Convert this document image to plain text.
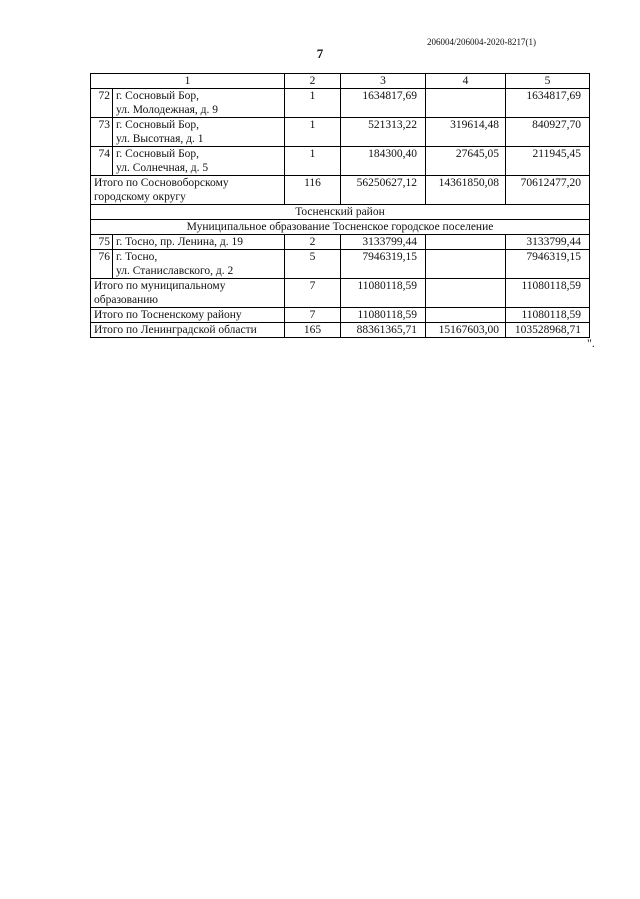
206004/206004-2020-8217(1)
7
1		2	3	4	5
72	г. Сосновый Бор,
ул. Молодежная, д. 9	1	1634817,69		1634817,69
73	г. Сосновый Бор,
ул. Высотная, д. 1	1	521313,22	319614,48	840927,70
74	г. Сосновый Бор,
ул. Солнечная, д. 5	1	184300,40	27645,05	211945,45

Итого по Сосновоборскому
городскому округу		116	56250627,12	14361850,08	70612477,20
Тосненский район					
Муниципальное образование Тосненское городское поселение					
75	г. Тосно, пр. Ленина, д. 19	2	3133799,44		3133799,44
76	г. Тосно,
ул. Станиславского, д. 2	5	7946319,15		7946319,15

Итого по муниципальному
образованию		7	11080118,59		11080118,59
Итого по Тосненскому району		7	11080118,59		11080118,59
Итого по Ленинградской области		165	88361365,71	15167603,00	103528968,71
".
